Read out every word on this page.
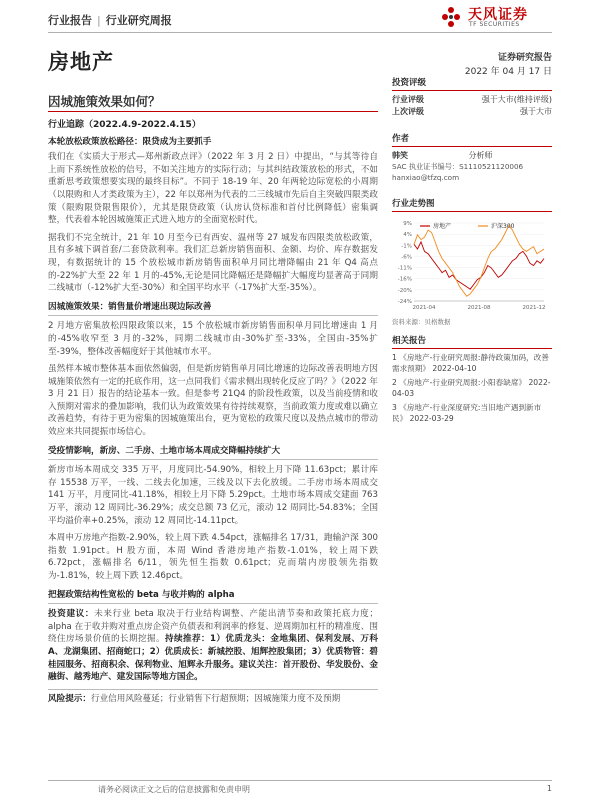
行业报告 | 行业研究周报	天风证券
TF SECURITIES
房地产	证券研究报告
2022 年 04 月 17 日
因城施策效果如何？
行业追踪（2022.4.9-2022.4.15）
本轮放松政策放松路径：限贷成为主要抓手

我们在《实质大于形式—郑州新政点评》（2022 年 3 月 2 日）中提出，“与其等待自上而下系统性放松的信号，不如关注地方的实际行动；与其纠结政策放松的形式，不如重新思考政策想要实现的最终目标”。不同于 18-19 年、20 年两轮边际宽松的小周期（以限购和人才类政策为主），22 年以郑州为代表的二三线城市先后自主突破四限类政策（限购限贷限售限价），尤其是限贷政策（认房认贷标准和首付比例降低）密集调整，代表着本轮因城施策正式进入地方的全面宽松时代。

据我们不完全统计，21 年 10 月至今已有西安、温州等 27 城发布四限类放松政策，且有多城下调首套/二套贷款利率。我们汇总新房销售面积、金额、均价、库存数据发现，有数据统计的 15 个放松城市新房销售面积单月同比增降幅由 21 年 Q4 高点的-22%扩大至 22 年 1 月的-45%,无论是同比降幅还是降幅扩大幅度均显著高于同期二线城市（-12%扩大至-30%）和全国平均水平（-17%扩大至-35%）。

因城施策效果：销售量价增速出现边际改善

2 月地方密集放松四限政策以来，15 个放松城市新房销售面积单月同比增速由 1 月的-45%收窄至 3 月的-32%，同期二线城市由-30%扩至-33%，全国由-35%扩至-39%，整体改善幅度好于其他城市水平。

虽然样本城市整体基本面依然偏弱，但是新房销售单月同比增速的边际改善表明地方因城施策依然有一定的托底作用，这一点同我们《需求侧出现转化反应了吗？》（2022 年 3 月 21 日）报告的结论基本一致。但是参考 21Q4 的阶段性政策，以及当前疫情和收入预期对需求的叠加影响，我们认为政策效果有待持续观察，当前政策力度或难以确立改善趋势，有待于更为密集的因城施策出台，更为宽松的政策尺度以及热点城市的带动效应来共同提振市场信心。

受疫情影响，新房、二手房、土地市场本周成交降幅持续扩大

新房市场本周成交 335 万平，月度同比-54.90%，相较上月下降 11.63pct；累计库存 15538 万平，一线、二线去化加速，三线及以下去化放缓。二手房市场本周成交 141 万平，月度同比-41.18%，相较上月下降 5.29pct。土地市场本周成交建面 763 万平，滚动 12 周同比-36.29%；成交总额 73 亿元，滚动 12 周同比-54.83%；全国平均溢价率+0.25%，滚动 12 周同比-14.11pct。

本周申万房地产指数-2.90%，较上周下跌 4.54pct，涨幅排名 17/31，跑输沪深 300 指数 1.91pct。H 股方面，本周 Wind 香港房地产指数-1.01%，较上周下跌 6.72pct，涨幅排名 6/11，领先恒生指数 0.61pct；克而瑞内房股领先指数为-1.81%，较上周下跌 12.46pct。

把握政策结构性宽松的 beta 与收并购的 alpha

投资建议：未来行业 beta 取决于行业结构调整、产能出清节奏和政策托底力度；alpha 在于收并购对重点房企资产负债表和利润率的修复、逆周期加杠杆的精准度、围绕住房场景价值的长期挖掘。持续推荐：1）优质龙头：金地集团、保利发展、万科 A、龙湖集团、招商蛇口；2）优质成长：新城控股、旭辉控股集团；3）优质物管：碧桂园服务、招商积余、保利物业、旭辉永升服务。建议关注：首开股份、华发股份、金融街、越秀地产、建发国际等地方国企。

风险提示：行业信用风险蔓延；行业销售下行超预期；因城施策力度不及预期

投资评级
行业评级	强于大市(维持评级)
上次评级	强于大市
作者
韩笑	分析师
SAC 执业证书编号：S1110521120006
hanxiao@tfzq.com
行业走势图
9%
4%
-1%
-6%
-11%
-16%
-20%
-24%
2021-04	2021-08	2021-12
房地产	沪深300
资料来源：贝格数据
相关报告
1 《房地产-行业研究周报:静待政策加码，改善需求预期》 2022-04-10
2 《房地产-行业研究周报:小阳春缺席》 2022-04-03
3 《房地产-行业深度研究:当旧地产遇到新市民》 2022-03-29
请务必阅读正文之后的信息披露和免责申明	1
